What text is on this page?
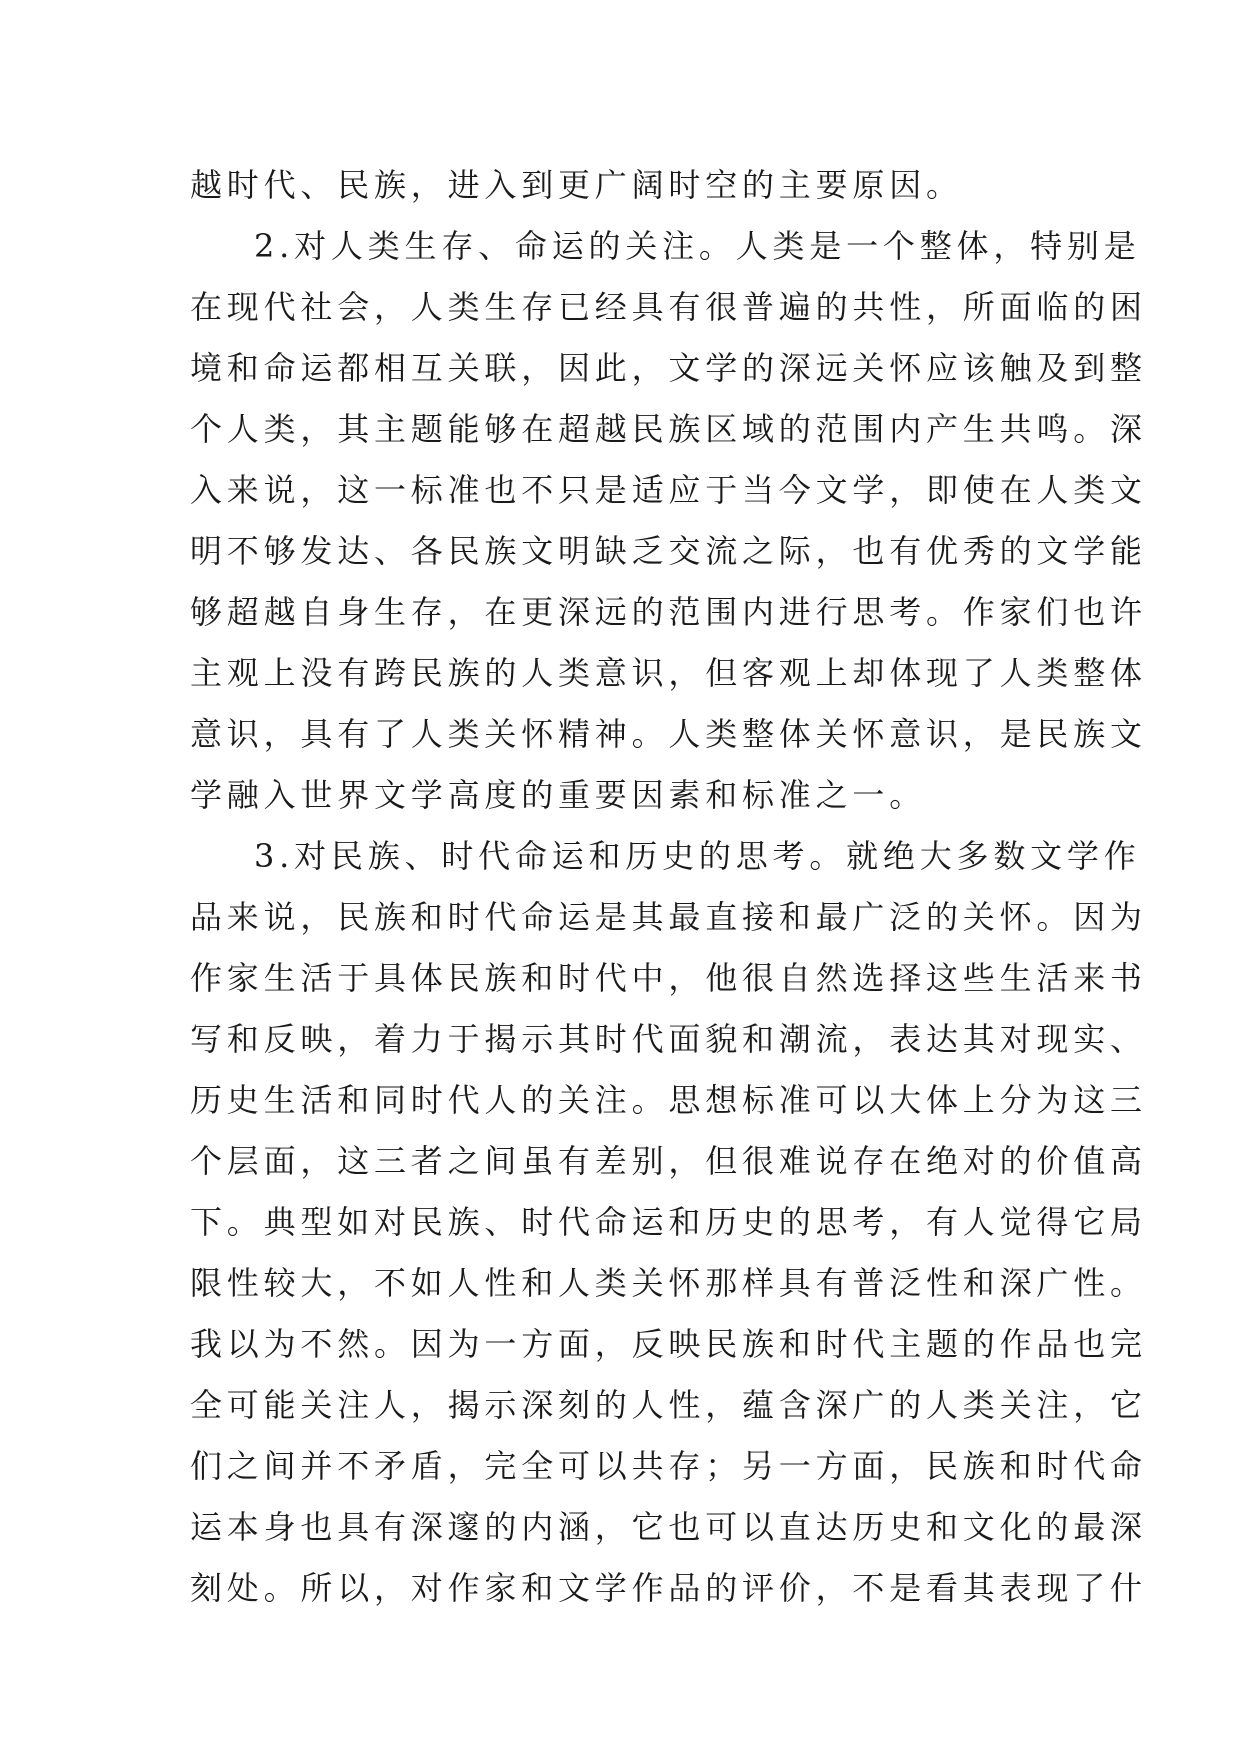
越时代、民族，进入到更广阔时空的主要原因。
2.对人类生存、命运的关注。人类是一个整体，特别是
在现代社会，人类生存已经具有很普遍的共性，所面临的困
境和命运都相互关联，因此，文学的深远关怀应该触及到整
个人类，其主题能够在超越民族区域的范围内产生共鸣。深
入来说，这一标准也不只是适应于当今文学，即使在人类文
明不够发达、各民族文明缺乏交流之际，也有优秀的文学能
够超越自身生存，在更深远的范围内进行思考。作家们也许
主观上没有跨民族的人类意识，但客观上却体现了人类整体
意识，具有了人类关怀精神。人类整体关怀意识，是民族文
学融入世界文学高度的重要因素和标准之一。
3.对民族、时代命运和历史的思考。就绝大多数文学作
品来说，民族和时代命运是其最直接和最广泛的关怀。因为
作家生活于具体民族和时代中，他很自然选择这些生活来书
写和反映，着力于揭示其时代面貌和潮流，表达其对现实、
历史生活和同时代人的关注。思想标准可以大体上分为这三
个层面，这三者之间虽有差别，但很难说存在绝对的价值高
下。典型如对民族、时代命运和历史的思考，有人觉得它局
限性较大，不如人性和人类关怀那样具有普泛性和深广性。
我以为不然。因为一方面，反映民族和时代主题的作品也完
全可能关注人，揭示深刻的人性，蕴含深广的人类关注，它
们之间并不矛盾，完全可以共存；另一方面，民族和时代命
运本身也具有深邃的内涵，它也可以直达历史和文化的最深
刻处。所以，对作家和文学作品的评价，不是看其表现了什
